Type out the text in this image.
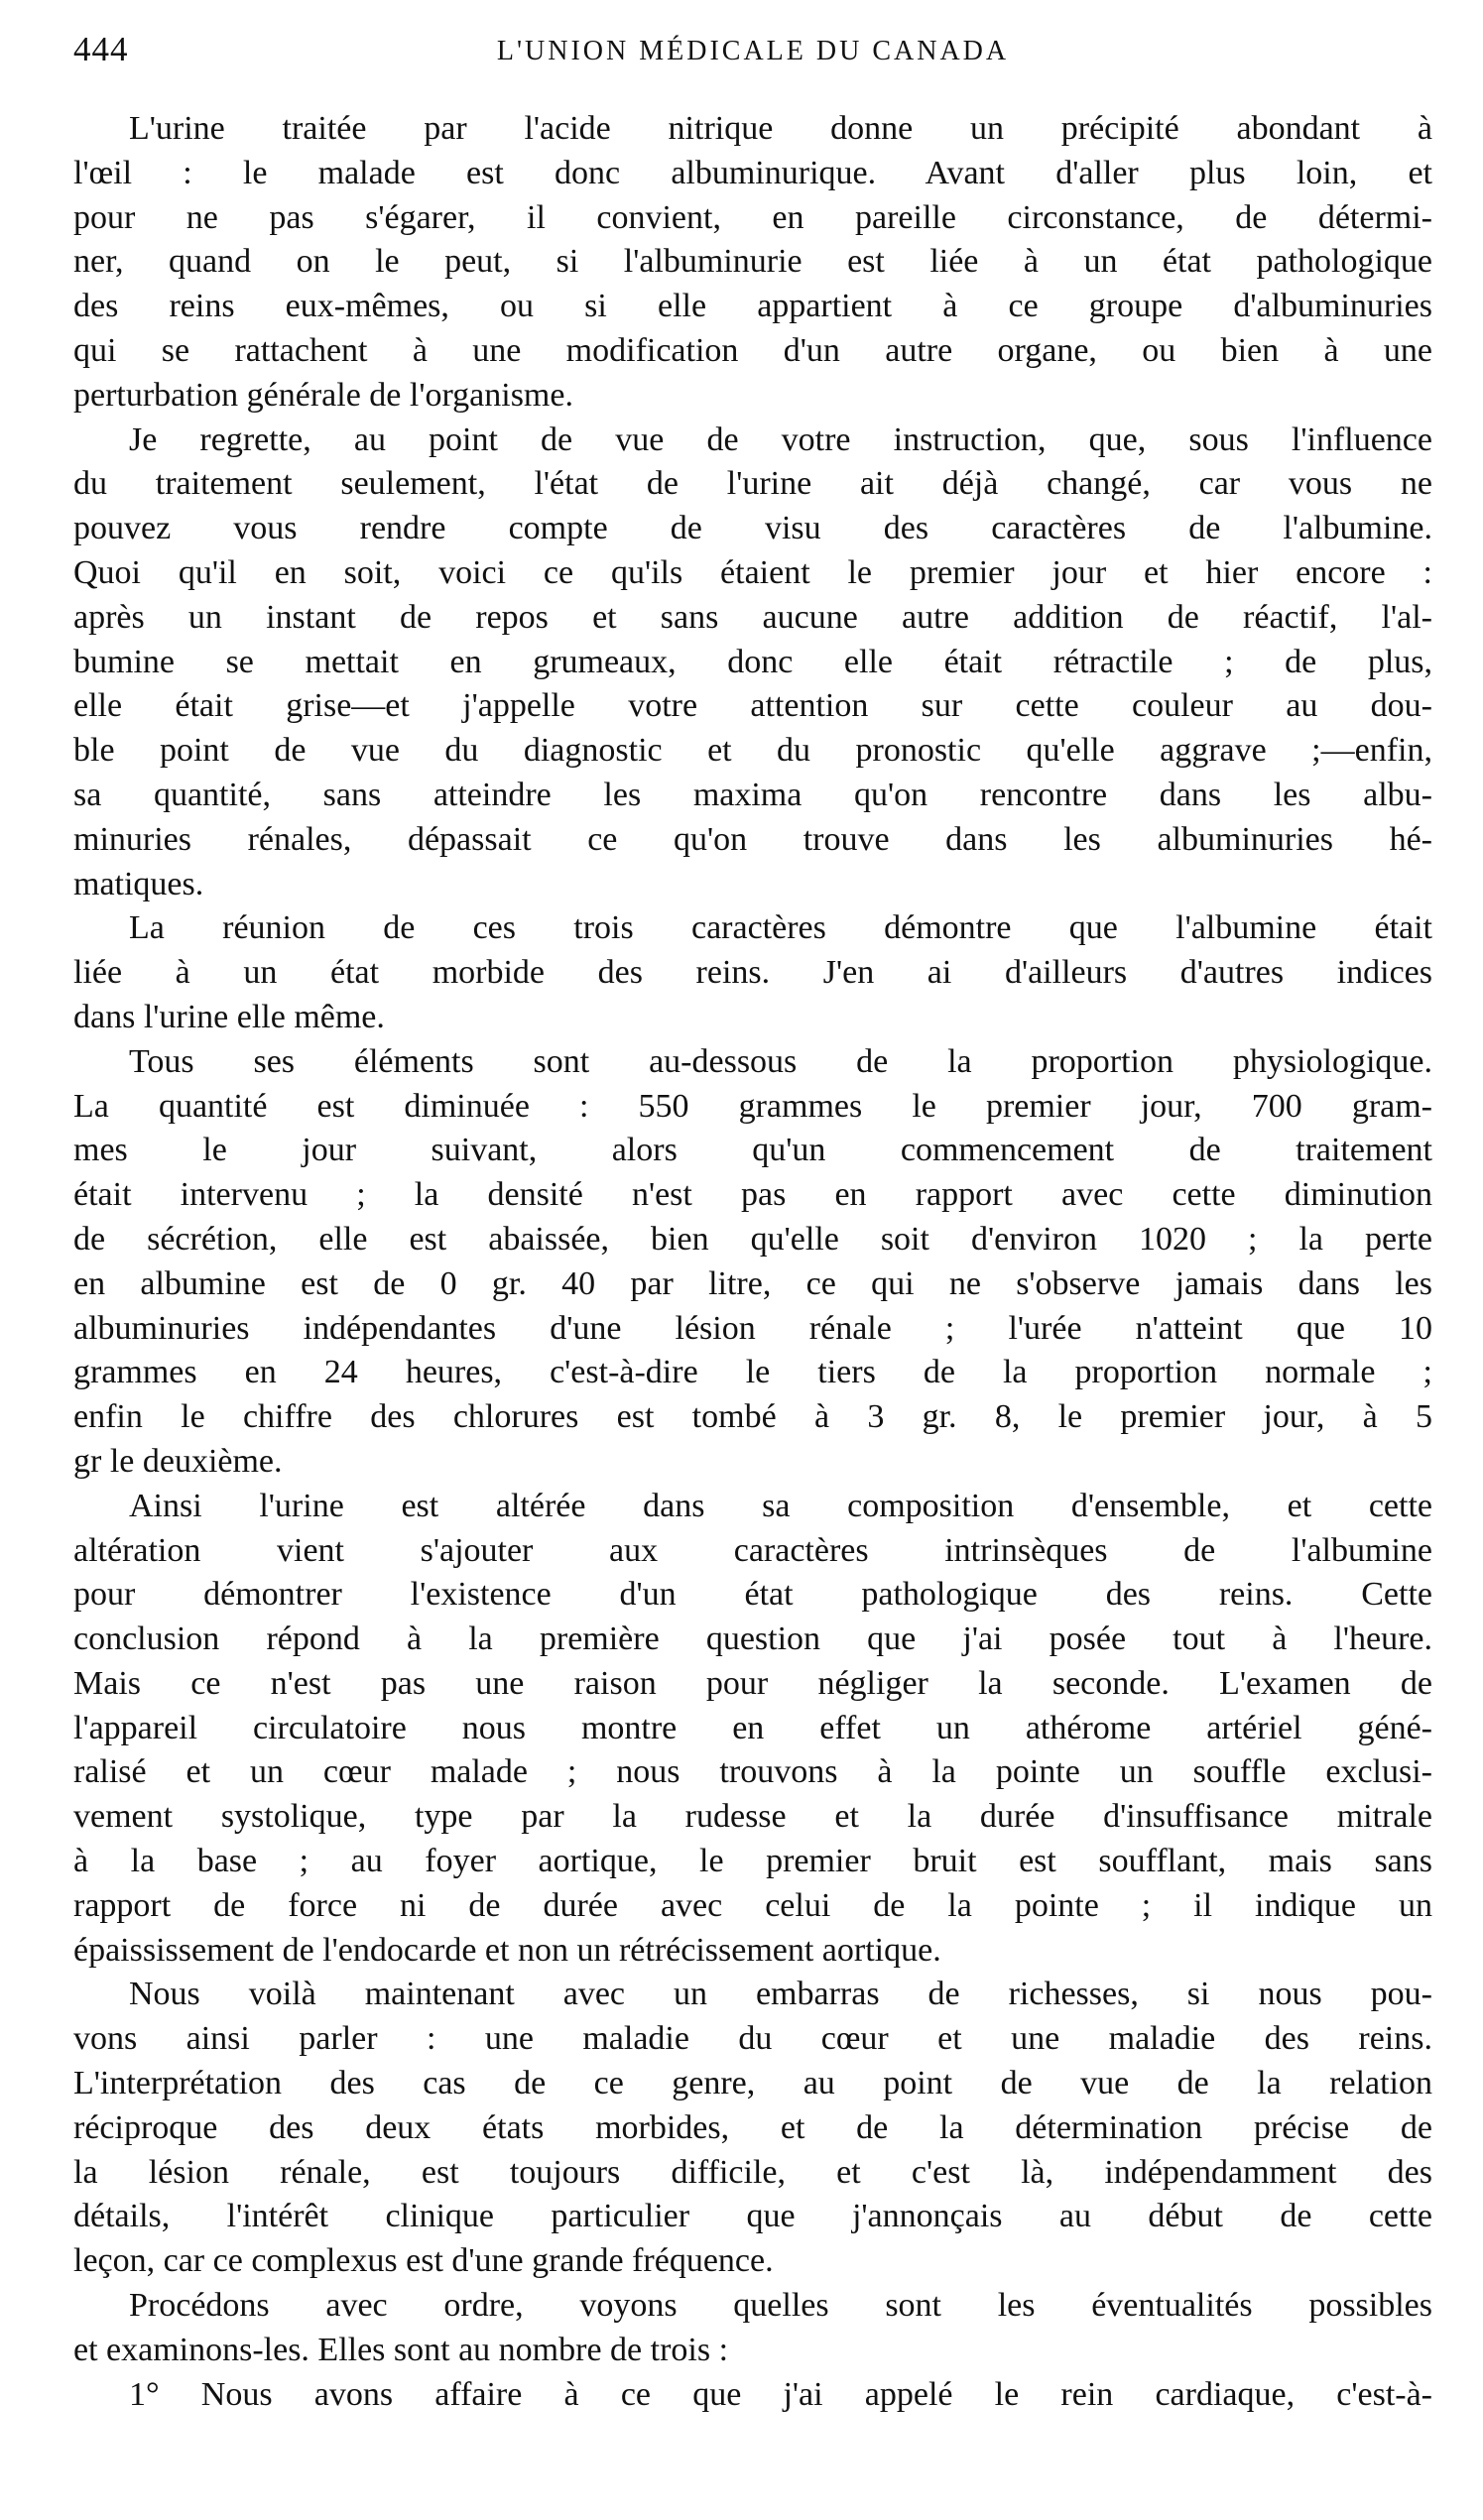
444	L'UNION MÉDICALE DU CANADA
L'urine traitée par l'acide nitrique donne un précipité abondant à
l'œil : le malade est donc albuminurique. Avant d'aller plus loin, et
pour ne pas s'égarer, il convient, en pareille circonstance, de détermi-
ner, quand on le peut, si l'albuminurie est liée à un état pathologique
des reins eux-mêmes, ou si elle appartient à ce groupe d'albuminuries
qui se rattachent à une modification d'un autre organe, ou bien à une
perturbation générale de l'organisme.
Je regrette, au point de vue de votre instruction, que, sous l'influence
du traitement seulement, l'état de l'urine ait déjà changé, car vous ne
pouvez vous rendre compte de visu des caractères de l'albumine.
Quoi qu'il en soit, voici ce qu'ils étaient le premier jour et hier encore :
après un instant de repos et sans aucune autre addition de réactif, l'al-
bumine se mettait en grumeaux, donc elle était rétractile ; de plus,
elle était grise—et j'appelle votre attention sur cette couleur au dou-
ble point de vue du diagnostic et du pronostic qu'elle aggrave ;—enfin,
sa quantité, sans atteindre les maxima qu'on rencontre dans les albu-
minuries rénales, dépassait ce qu'on trouve dans les albuminuries hé-
matiques.
La réunion de ces trois caractères démontre que l'albumine était
liée à un état morbide des reins. J'en ai d'ailleurs d'autres indices
dans l'urine elle même.
Tous ses éléments sont au-dessous de la proportion physiologique.
La quantité est diminuée : 550 grammes le premier jour, 700 gram-
mes le jour suivant, alors qu'un commencement de traitement
était intervenu ; la densité n'est pas en rapport avec cette diminution
de sécrétion, elle est abaissée, bien qu'elle soit d'environ 1020 ; la perte
en albumine est de 0 gr. 40 par litre, ce qui ne s'observe jamais dans les
albuminuries indépendantes d'une lésion rénale ; l'urée n'atteint que 10
grammes en 24 heures, c'est-à-dire le tiers de la proportion normale ;
enfin le chiffre des chlorures est tombé à 3 gr. 8, le premier jour, à 5
gr le deuxième.
Ainsi l'urine est altérée dans sa composition d'ensemble, et cette
altération vient s'ajouter aux caractères intrinsèques de l'albumine
pour démontrer l'existence d'un état pathologique des reins. Cette
conclusion répond à la première question que j'ai posée tout à l'heure.
Mais ce n'est pas une raison pour négliger la seconde. L'examen de
l'appareil circulatoire nous montre en effet un athérome artériel géné-
ralisé et un cœur malade ; nous trouvons à la pointe un souffle exclusi-
vement systolique, type par la rudesse et la durée d'insuffisance mitrale
à la base ; au foyer aortique, le premier bruit est soufflant, mais sans
rapport de force ni de durée avec celui de la pointe ; il indique un
épaississement de l'endocarde et non un rétrécissement aortique.
Nous voilà maintenant avec un embarras de richesses, si nous pou-
vons ainsi parler : une maladie du cœur et une maladie des reins.
L'interprétation des cas de ce genre, au point de vue de la relation
réciproque des deux états morbides, et de la détermination précise de
la lésion rénale, est toujours difficile, et c'est là, indépendamment des
détails, l'intérêt clinique particulier que j'annonçais au début de cette
leçon, car ce complexus est d'une grande fréquence.
Procédons avec ordre, voyons quelles sont les éventualités possibles
et examinons-les. Elles sont au nombre de trois :
1° Nous avons affaire à ce que j'ai appelé le rein cardiaque, c'est-à-
